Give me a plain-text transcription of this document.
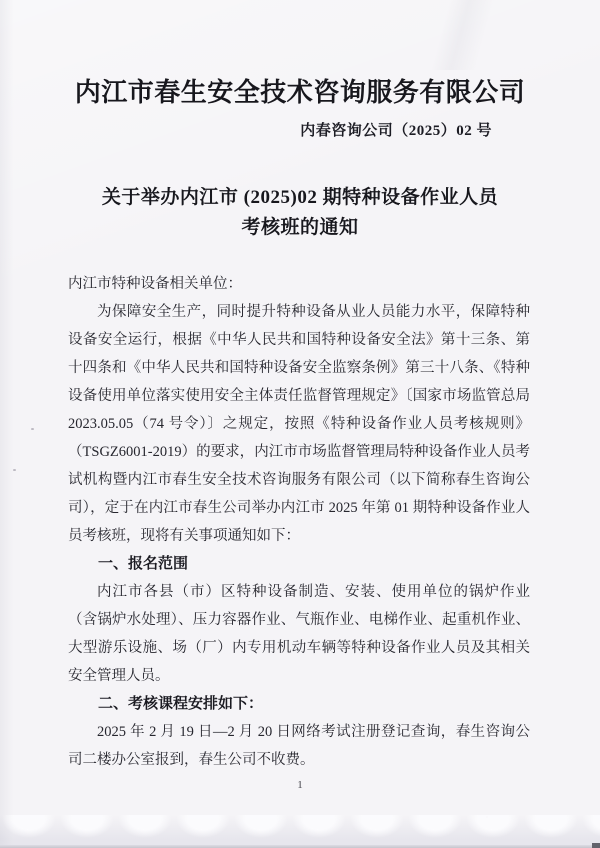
内江市春生安全技术咨询服务有限公司
内春咨询公司（2025）02 号
关于举办内江市 (2025)02 期特种设备作业人员
考核班的通知

内江市特种设备相关单位：

为保障安全生产，同时提升特种设备从业人员能力水平，保障特种设备安全运行，根据《中华人民共和国特种设备安全法》第十三条、第十四条和《中华人民共和国特种设备安全监察条例》第三十八条、《特种设备使用单位落实使用安全主体责任监督管理规定》〔国家市场监管总局 2023.05.05（74 号令）〕之规定，按照《特种设备作业人员考核规则》（TSGZ6001-2019）的要求，内江市市场监督管理局特种设备作业人员考试机构暨内江市春生安全技术咨询服务有限公司（以下简称春生咨询公司），定于在内江市春生公司举办内江市 2025 年第 01 期特种设备作业人员考核班，现将有关事项通知如下：

一、报名范围

内江市各县（市）区特种设备制造、安装、使用单位的锅炉作业（含锅炉水处理）、压力容器作业、气瓶作业、电梯作业、起重机作业、大型游乐设施、场（厂）内专用机动车辆等特种设备作业人员及其相关安全管理人员。

二、考核课程安排如下：

2025 年 2 月 19 日—2 月 20 日网络考试注册登记查询，春生咨询公司二楼办公室报到，春生公司不收费。

1
